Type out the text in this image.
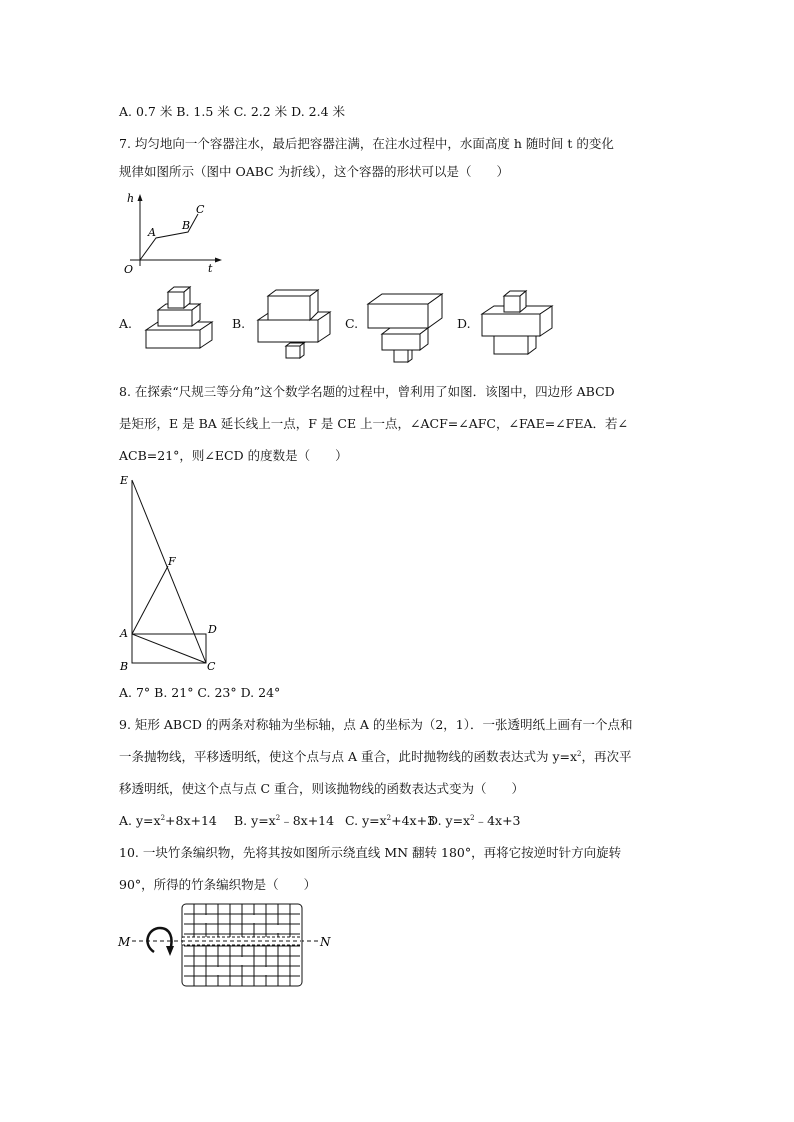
A. 0.7 米 B. 1.5 米 C. 2.2 米 D. 2.4 米
7. 均匀地向一个容器注水，最后把容器注满，在注水过程中，水面高度 h 随时间 t 的变化
规律如图所示（图中 OABC 为折线），这个容器的形状可以是（　　）
h
O
A
B
C
t
A.	B.	C.	D.
8. 在探索“尺规三等分角”这个数学名题的过程中，曾利用了如图．该图中，四边形 ABCD
是矩形，E 是 BA 延长线上一点，F 是 CE 上一点，∠ACF=∠AFC，∠FAE=∠FEA．若∠
ACB=21°，则∠ECD 的度数是（　　）
E
F
A	D
B	C
A. 7° B. 21° C. 23° D. 24°
9. 矩形 ABCD 的两条对称轴为坐标轴，点 A 的坐标为（2，1）．一张透明纸上画有一个点和
一条抛物线，平移透明纸，使这个点与点 A 重合，此时抛物线的函数表达式为 $y=x^2$，再次平
移透明纸，使这个点与点 C 重合，则该抛物线的函数表达式变为（　　）
A. $y=x^2+8x+14$ B. $y=x^2﹣8x+14$ C. $y=x^2+4x+3$
D. $y=x^2﹣4x+3$
10. 一块竹条编织物，先将其按如图所示绕直线 MN 翻转 180°，再将它按逆时针方向旋转
90°，所得的竹条编织物是（　　）
M	N
